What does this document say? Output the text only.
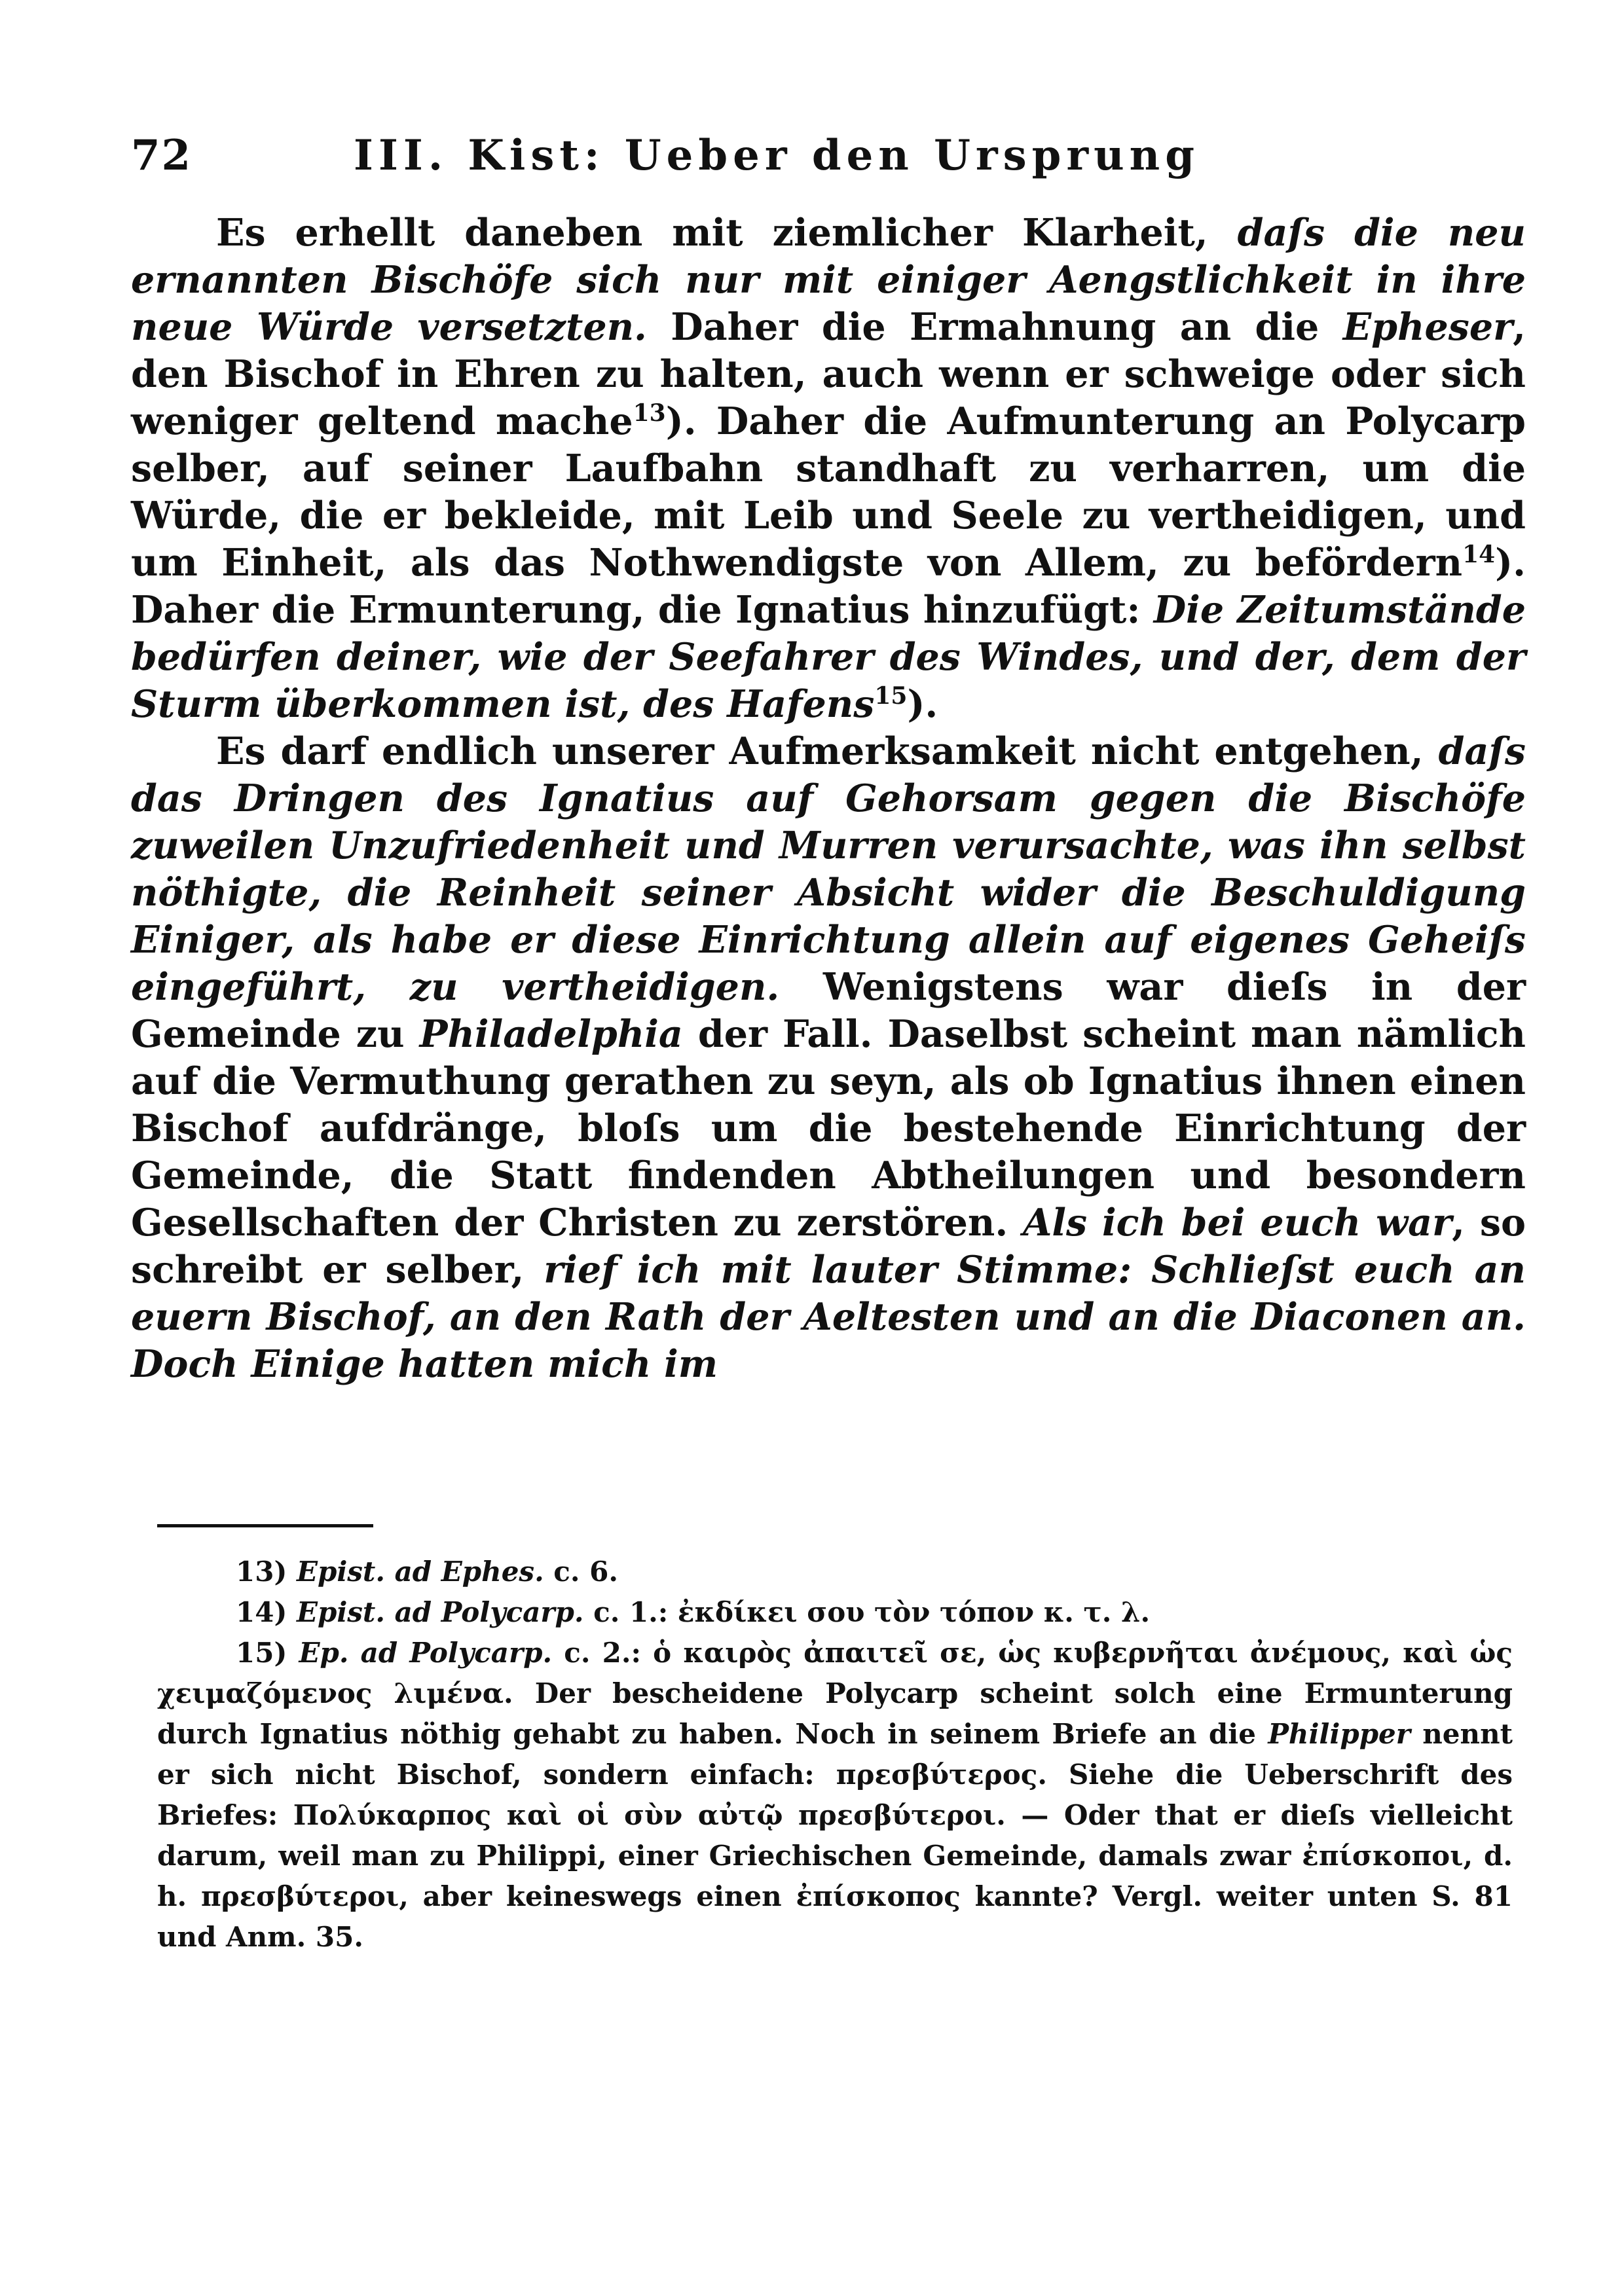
72	III. Kist: Ueber den Ursprung

Es erhellt daneben mit ziemlicher Klarheit, daſs die neu ernannten Bischöfe sich nur mit einiger Aengstlichkeit in ihre neue Würde versetzten. Daher die Ermahnung an die Epheser, den Bischof in Ehren zu halten, auch wenn er schweige oder sich weniger geltend mache$^{13}$). Daher die Aufmunterung an Polycarp selber, auf seiner Laufbahn standhaft zu verharren, um die Würde, die er bekleide, mit Leib und Seele zu vertheidigen, und um Einheit, als das Nothwendigste von Allem, zu befördern$^{14}$). Daher die Ermunterung, die Ignatius hinzufügt: Die Zeitumstände bedürfen deiner, wie der Seefahrer des Windes, und der, dem der Sturm überkommen ist, des Hafens$^{15}$).

Es darf endlich unserer Aufmerksamkeit nicht entgehen, daſs das Dringen des Ignatius auf Gehorsam gegen die Bischöfe zuweilen Unzufriedenheit und Murren verursachte, was ihn selbst nöthigte, die Reinheit seiner Absicht wider die Beschuldigung Einiger, als habe er diese Einrichtung allein auf eigenes Geheiſs eingeführt, zu vertheidigen. Wenigstens war dieſs in der Gemeinde zu Philadelphia der Fall. Daselbst scheint man nämlich auf die Vermuthung gerathen zu seyn, als ob Ignatius ihnen einen Bischof aufdränge, bloſs um die bestehende Einrichtung der Gemeinde, die Statt findenden Abtheilungen und besondern Gesellschaften der Christen zu zerstören. Als ich bei euch war, so schreibt er selber, rief ich mit lauter Stimme: Schlieſst euch an euern Bischof, an den Rath der Aeltesten und an die Diaconen an. Doch Einige hatten mich im

13) Epist. ad Ephes. c. 6.

14) Epist. ad Polycarp. c. 1.: ἐκδίκει σου τὸν τόπον κ. τ. λ.

15) Ep. ad Polycarp. c. 2.: ὁ καιρὸς ἀπαιτεῖ σε, ὡς κυβερνῆται ἀνέμους, καὶ ὡς χειμαζόμενος λιμένα. Der bescheidene Polycarp scheint solch eine Ermunterung durch Ignatius nöthig gehabt zu haben. Noch in seinem Briefe an die Philipper nennt er sich nicht Bischof, sondern einfach: πρεσβύτερος. Siehe die Ueberschrift des Briefes: Πολύκαρπος καὶ οἱ σὺν αὐτῷ πρεσβύτεροι. — Oder that er dieſs vielleicht darum, weil man zu Philippi, einer Griechischen Gemeinde, damals zwar ἐπίσκοποι, d. h. πρεσβύτεροι, aber keineswegs einen ἐπίσκοπος kannte? Vergl. weiter unten S. 81 und Anm. 35.
